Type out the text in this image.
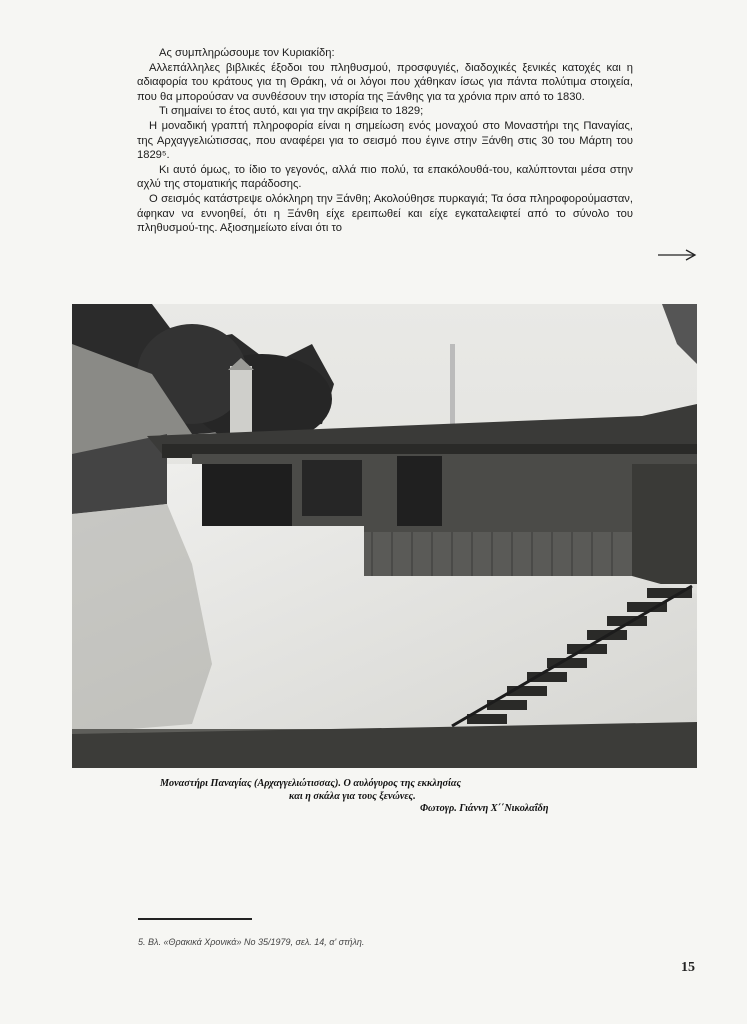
Ας συμπληρώσουμε τον Κυριακίδη:

Αλλεπάλληλες βιβλικές έξοδοι του πληθυσμού, προσφυγιές, διαδοχικές ξενικές κατοχές και η αδιαφορία του κράτους για τη Θράκη, νά οι λόγοι που χάθηκαν ίσως για πάντα πολύτιμα στοιχεία, που θα μπορούσαν να συνθέσουν την ιστορία της Ξάνθης για τα χρόνια πριν από το 1830.

Τι σημαίνει το έτος αυτό, και για την ακρίβεια το 1829;

Η μοναδική γραπτή πληροφορία είναι η σημείωση ενός μοναχού στο Μοναστήρι της Παναγίας, της Αρχαγγελιώτισσας, που αναφέρει για το σεισμό που έγινε στην Ξάνθη στις 30 του Μάρτη του 1829⁵.

Κι αυτό όμως, το ίδιο το γεγονός, αλλά πιο πολύ, τα επακόλουθά-του, καλύπτονται μέσα στην αχλύ της στοματικής παράδοσης.

Ο σεισμός κατάστρεψε ολόκληρη την Ξάνθη; Ακολούθησε πυρκαγιά; Τα όσα πληροφορούμασταν, άφηκαν να εννοηθεί, ότι η Ξάνθη είχε ερειπωθεί και είχε εγκαταλειφτεί από το σύνολο του πληθυσμού-της. Αξιοσημείωτο είναι ότι το

Μοναστήρι Παναγίας (Αρχαγγελιώτισσας). Ο αυλόγυρος της εκκλησίας
και η σκάλα για τους ξενώνες.
Φωτογρ. Γιάννη Χ΄΄Νικολαΐδη
5. Βλ. «Θρακικά Χρονικά» Νο 35/1979, σελ. 14, α' στήλη.
15
